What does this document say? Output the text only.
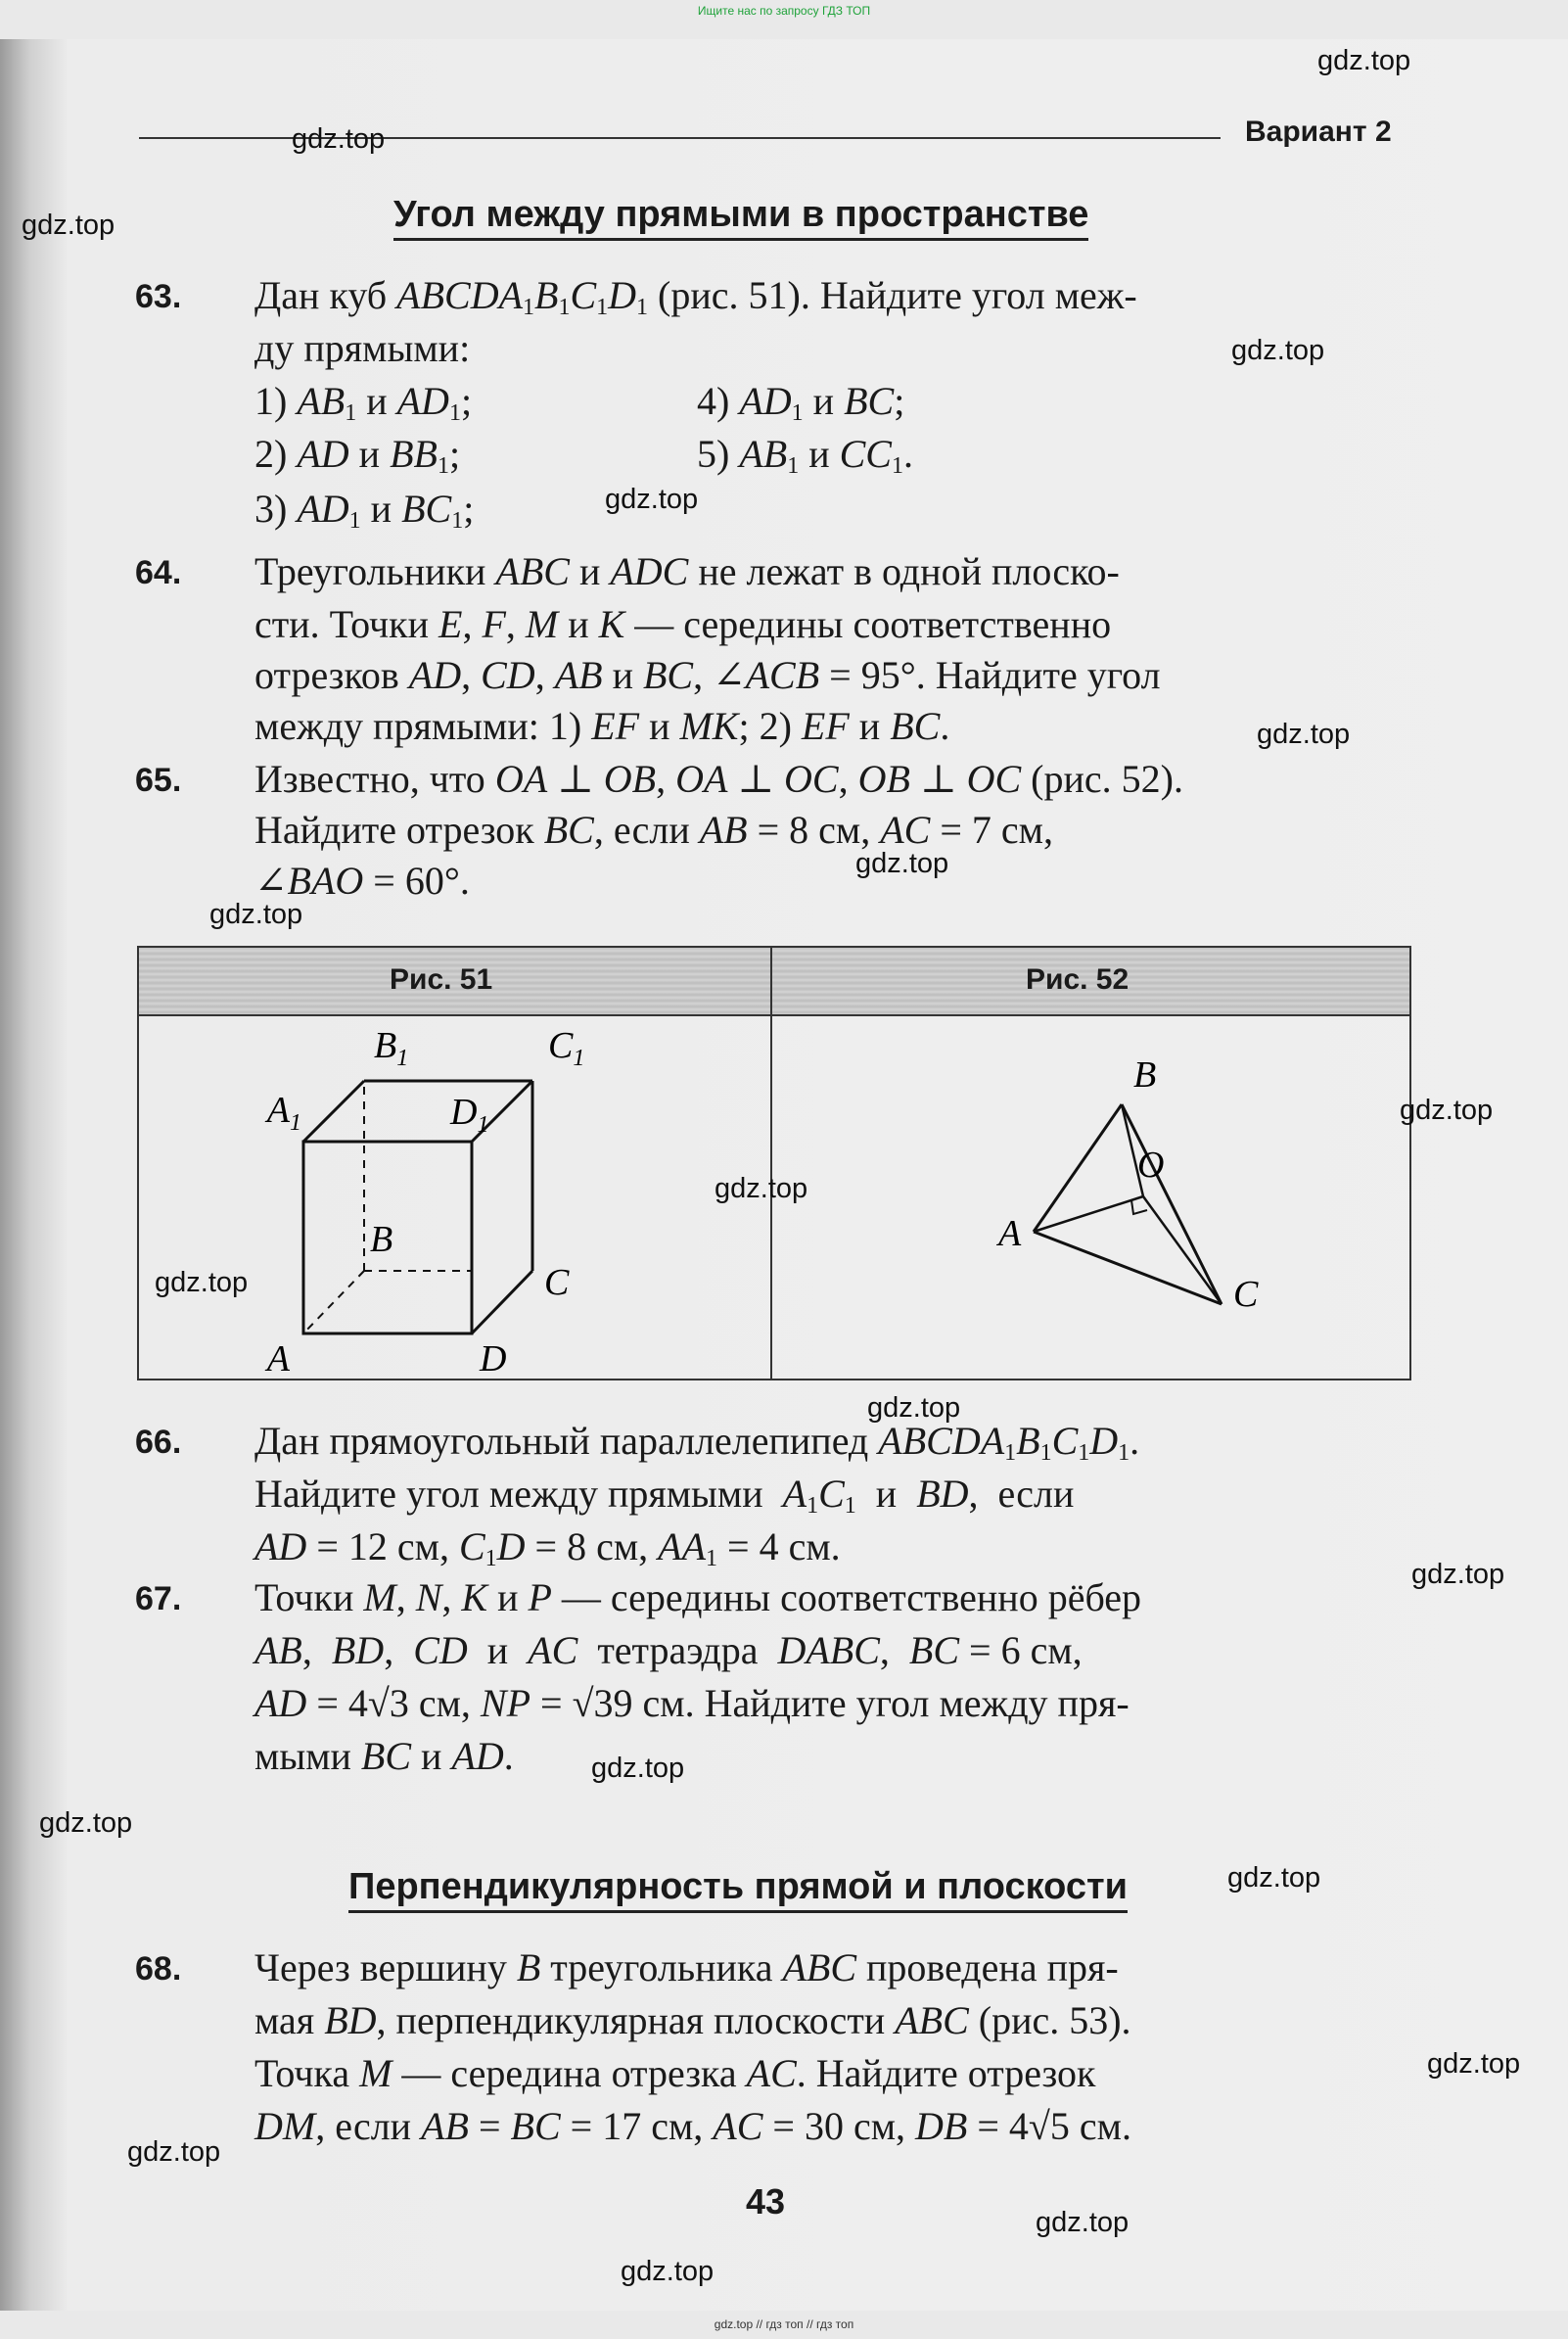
Ищите нас по запросу ГДЗ ТОП
Вариант 2
Угол между прямыми в пространстве
63. Дан куб $ABCDA_1B_1C_1D_1$ (рис. 51). Найдите угол меж-
ду прямыми:
1) $AB_1$ и $AD_1$;	4) $AD_1$ и BC;
2) AD и $BB_1$;	5) $AB_1$ и $CC_1$.
3) $AD_1$ и $BC_1$;
64. Треугольники ABC и ADC не лежат в одной плоско-
сти. Точки E, F, M и K — середины соответственно
отрезков AD, CD, AB и BC, ∠ACB = 95°. Найдите угол
между прямыми: 1) EF и MK; 2) EF и BC.
65. Известно, что OA ⊥ OB, OA ⊥ OC, OB ⊥ OC (рис. 52).
Найдите отрезок BC, если AB = 8 см, AC = 7 см,
∠BAO = 60°.
Рис. 51	Рис. 52
$B_1$	$C_1$
$A_1$	$D_1$
B
C
A	D
B
O
A
C
66. Дан прямоугольный параллелепипед $ABCDA_1B_1C_1D_1$.
Найдите угол между прямыми  $A_1C_1$  и  BD,  если
AD = 12 см, $C_1D = 8$ см, $AA_1 = 4$ см.
67. Точки M, N, K и P — середины соответственно рёбер
AB,  BD,  CD  и  AC  тетраэдра  DABC,  BC = 6 см,
AD = 4√3 см, NP = √39 см. Найдите угол между пря-
мыми BC и AD.
Перпендикулярность прямой и плоскости
68. Через вершину B треугольника ABC проведена пря-
мая BD, перпендикулярная плоскости ABC (рис. 53).
Точка M — середина отрезка AC. Найдите отрезок
DM, если AB = BC = 17 см, AC = 30 см, DB = 4√5 см.
43
gdz.top
gdz.top
gdz.top
gdz.top
gdz.top
gdz.top
gdz.top
gdz.top
gdz.top
gdz.top
gdz.top
gdz.top
gdz.top
gdz.top
gdz.top
gdz.top
gdz.top
gdz.top
gdz.top
gdz.top
gdz.top // гдз топ // гдз топ
